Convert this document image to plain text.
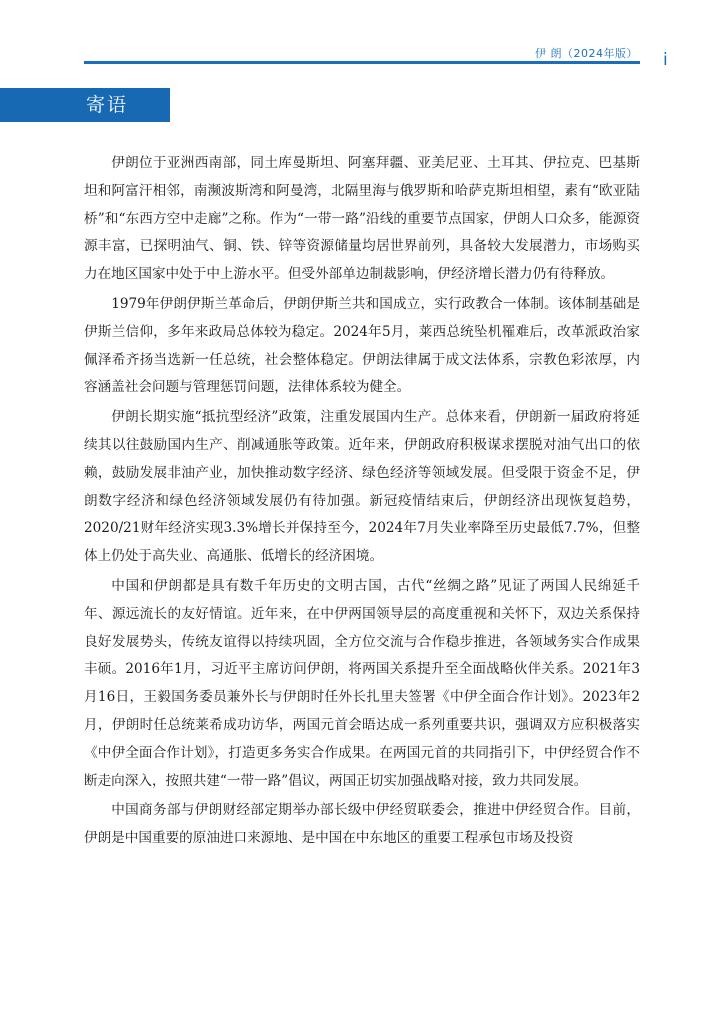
伊 朗（2024年版） i
寄语

伊朗位于亚洲西南部，同土库曼斯坦、阿塞拜疆、亚美尼亚、土耳其、伊拉克、巴基斯坦和阿富汗相邻，南濒波斯湾和阿曼湾，北隔里海与俄罗斯和哈萨克斯坦相望，素有“欧亚陆桥”和“东西方空中走廊”之称。作为“一带一路”沿线的重要节点国家，伊朗人口众多，能源资源丰富，已探明油气、铜、铁、锌等资源储量均居世界前列，具备较大发展潜力，市场购买力在地区国家中处于中上游水平。但受外部单边制裁影响，伊经济增长潜力仍有待释放。

1979年伊朗伊斯兰革命后，伊朗伊斯兰共和国成立，实行政教合一体制。该体制基础是伊斯兰信仰，多年来政局总体较为稳定。2024年5月，莱西总统坠机罹难后，改革派政治家佩泽希齐扬当选新一任总统，社会整体稳定。伊朗法律属于成文法体系，宗教色彩浓厚，内容涵盖社会问题与管理惩罚问题，法律体系较为健全。

伊朗长期实施“抵抗型经济”政策，注重发展国内生产。总体来看，伊朗新一届政府将延续其以往鼓励国内生产、削减通胀等政策。近年来，伊朗政府积极谋求摆脱对油气出口的依赖，鼓励发展非油产业，加快推动数字经济、绿色经济等领域发展。但受限于资金不足，伊朗数字经济和绿色经济领域发展仍有待加强。新冠疫情结束后，伊朗经济出现恢复趋势，2020/21财年经济实现3.3%增长并保持至今，2024年7月失业率降至历史最低7.7%，但整体上仍处于高失业、高通胀、低增长的经济困境。

中国和伊朗都是具有数千年历史的文明古国，古代“丝绸之路”见证了两国人民绵延千年、源远流长的友好情谊。近年来，在中伊两国领导层的高度重视和关怀下，双边关系保持良好发展势头，传统友谊得以持续巩固，全方位交流与合作稳步推进，各领域务实合作成果丰硕。2016年1月，习近平主席访问伊朗，将两国关系提升至全面战略伙伴关系。2021年3月16日，王毅国务委员兼外长与伊朗时任外长扎里夫签署《中伊全面合作计划》。2023年2月，伊朗时任总统莱希成功访华，两国元首会晤达成一系列重要共识，强调双方应积极落实《中伊全面合作计划》，打造更多务实合作成果。在两国元首的共同指引下，中伊经贸合作不断走向深入，按照共建“一带一路”倡议，两国正切实加强战略对接，致力共同发展。

中国商务部与伊朗财经部定期举办部长级中伊经贸联委会，推进中伊经贸合作。目前，伊朗是中国重要的原油进口来源地、是中国在中东地区的重要工程承包市场及投资
